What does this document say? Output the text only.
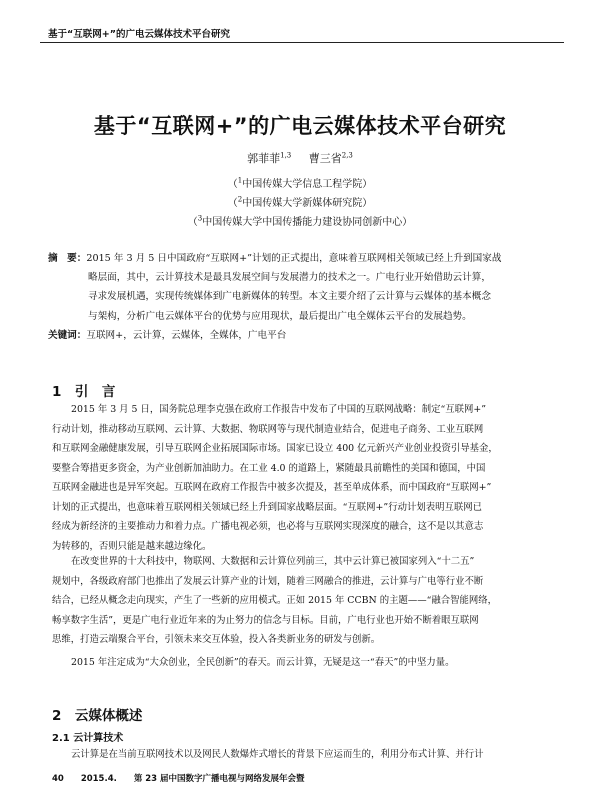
基于“互联网+”的广电云媒体技术平台研究
基于“互联网+”的广电云媒体技术平台研究
郭菲菲$^{1,3}$ 曹三省$^{2,3}$
（$^1$中国传媒大学信息工程学院）
（$^2$中国传媒大学新媒体研究院）
（$^3$中国传媒大学中国传播能力建设协同创新中心）
摘　要：2015 年 3 月 5 日中国政府“互联网+”计划的正式提出，意味着互联网相关领域已经上升到国家战
略层面，其中，云计算技术是最具发展空间与发展潜力的技术之一。广电行业开始借助云计算，
寻求发展机遇，实现传统媒体到广电新媒体的转型。本文主要介绍了云计算与云媒体的基本概念
与架构，分析广电云媒体平台的优势与应用现状，最后提出广电全媒体云平台的发展趋势。
关键词：互联网+，云计算，云媒体，全媒体，广电平台
1　引　言
2015 年 3 月 5 日，国务院总理李克强在政府工作报告中发布了中国的互联网战略：制定“互联网+”
行动计划，推动移动互联网、云计算、大数据、物联网等与现代制造业结合，促进电子商务、工业互联网
和互联网金融健康发展，引导互联网企业拓展国际市场。国家已设立 400 亿元新兴产业创业投资引导基金，
要整合筹措更多资金，为产业创新加油助力。在工业 4.0 的道路上，紧随最具前瞻性的美国和德国，中国
互联网金融进也是异军突起。互联网在政府工作报告中被多次提及，甚至单成体系，而中国政府“互联网+”
计划的正式提出，也意味着互联网相关领域已经上升到国家战略层面。“互联网+”行动计划表明互联网已
经成为新经济的主要推动力和着力点。广播电视必须，也必将与互联网实现深度的融合，这不是以其意志
为转移的，否则只能是越来越边缘化。
在改变世界的十大科技中，物联网、大数据和云计算位列前三，其中云计算已被国家列入“十二五”
规划中，各级政府部门也推出了发展云计算产业的计划，随着三网融合的推进，云计算与广电等行业不断
结合，已经从概念走向现实，产生了一些新的应用模式。正如 2015 年 CCBN 的主题——“融合智能网络，
畅享数字生活”，更是广电行业近年来的为止努力的信念与目标。目前，广电行业也开始不断着眼互联网
思维，打造云端聚合平台，引领未来交互体验，投入各类新业务的研发与创新。
2015 年注定成为“大众创业，全民创新”的春天。而云计算，无疑是这一“春天”的中坚力量。
2　云媒体概述
2.1 云计算技术
云计算是在当前互联网技术以及网民人数爆炸式增长的背景下应运而生的，利用分布式计算、并行计
40 2015.4. 第 23 届中国数字广播电视与网络发展年会暨
